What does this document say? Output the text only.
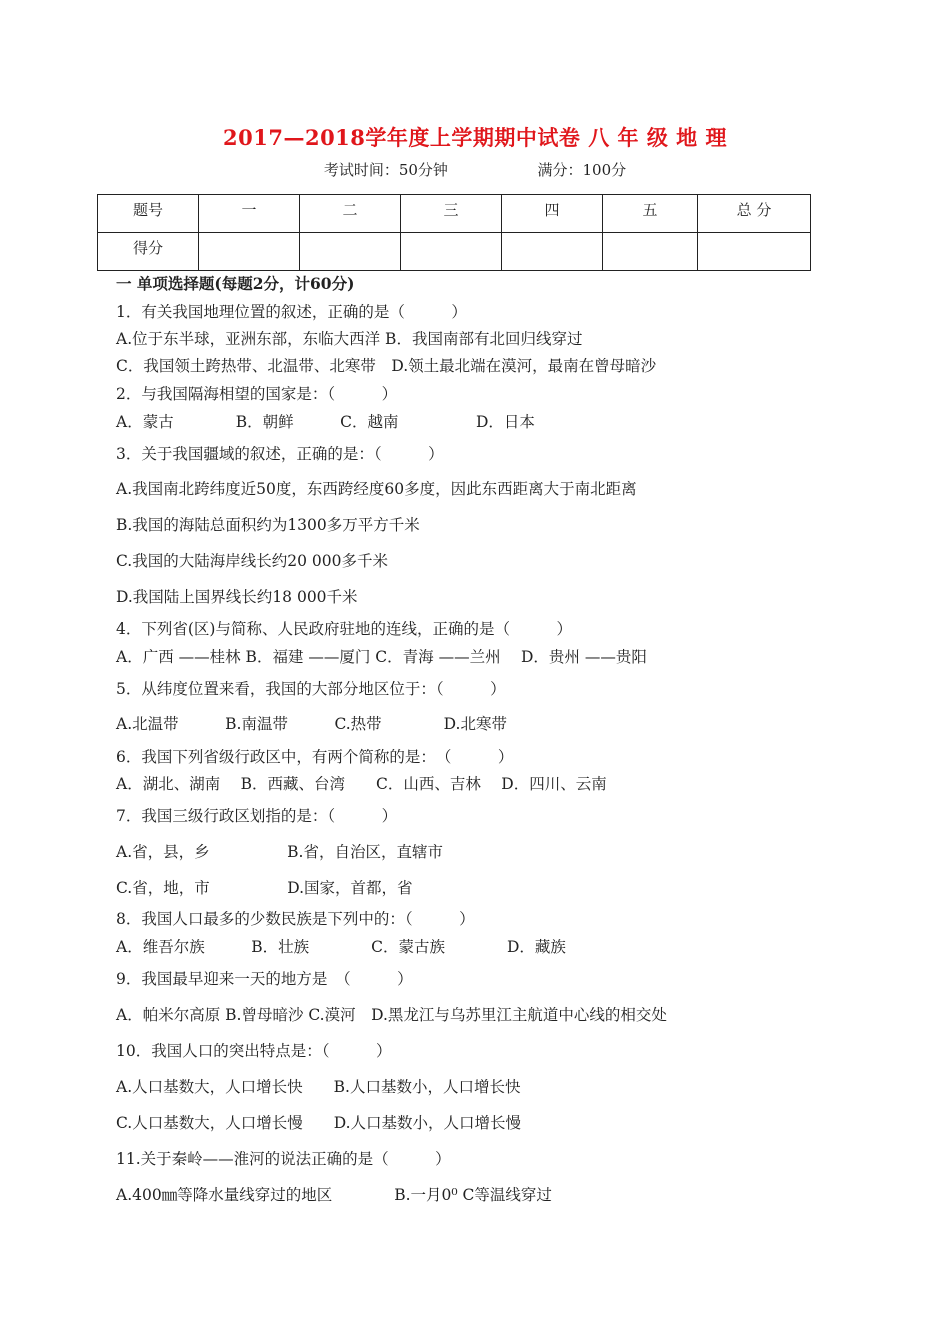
2017—2018学年度上学期期中试卷 八 年 级 地 理
考试时间：50分钟	满分：100分
题号	一	二	三	四	五	总 分
得分						
一 单项选择题(每题2分，计60分)
1．有关我国地理位置的叙述，正确的是（　　　）
A.位于东半球，亚洲东部，东临大西洋 B．我国南部有北回归线穿过
C．我国领土跨热带、北温带、北寒带　D.领土最北端在漠河，最南在曾母暗沙
2．与我国隔海相望的国家是：（　　　）
A．蒙古　　　　B．朝鲜　　　C．越南　　　　　D．日本
3．关于我国疆域的叙述，正确的是：（　　　）
A.我国南北跨纬度近50度，东西跨经度60多度，因此东西距离大于南北距离
B.我国的海陆总面积约为1300多万平方千米
C.我国的大陆海岸线长约20 000多千米
D.我国陆上国界线长约18 000千米
4．下列省(区)与简称、人民政府驻地的连线，正确的是（　　　）
A．广西 ——桂林 B．福建 ——厦门 C．青海 ——兰州　 D．贵州 ——贵阳
5．从纬度位置来看，我国的大部分地区位于：（　　　）
A.北温带　　　B.南温带　　　C.热带　　　　D.北寒带
6．我国下列省级行政区中，有两个简称的是：　（　　　）
A．湖北、湖南　 B．西藏、台湾　　C．山西、吉林　 D．四川、云南
7．我国三级行政区划指的是：（　　　）
A.省，县，乡　　　　　B.省，自治区，直辖市
C.省，地，市　　　　　D.国家，首都，省
8．我国人口最多的少数民族是下列中的：（　　　）
A．维吾尔族　　　B．壮族　　　　C．蒙古族　　　　D．藏族
9．我国最早迎来一天的地方是　（　　　）
A．帕米尔高原 B.曾母暗沙 C.漠河　D.黑龙江与乌苏里江主航道中心线的相交处
10．我国人口的突出特点是：（　　　）
A.人口基数大，人口增长快　　B.人口基数小，人口增长快
C.人口基数大，人口增长慢　　D.人口基数小，人口增长慢
11.关于秦岭——淮河的说法正确的是（　　　）
A.400㎜等降水量线穿过的地区　　　　B.一月0⁰ C等温线穿过
